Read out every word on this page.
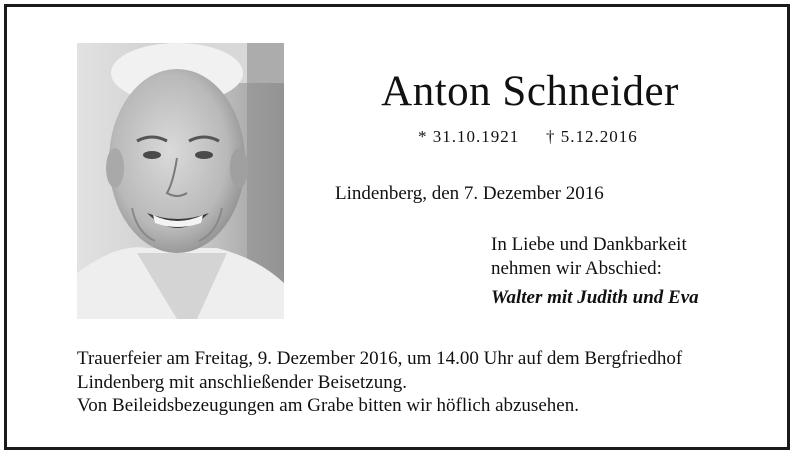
Anton Schneider
* 31.10.1921 † 5.12.2016
Lindenberg, den 7. Dezember 2016
In Liebe und Dankbarkeit
nehmen wir Abschied:
Walter mit Judith und Eva
Trauerfeier am Freitag, 9. Dezember 2016, um 14.00 Uhr auf dem Bergfriedhof
Lindenberg mit anschließender Beisetzung.
Von Beileidsbezeugungen am Grabe bitten wir höflich abzusehen.
